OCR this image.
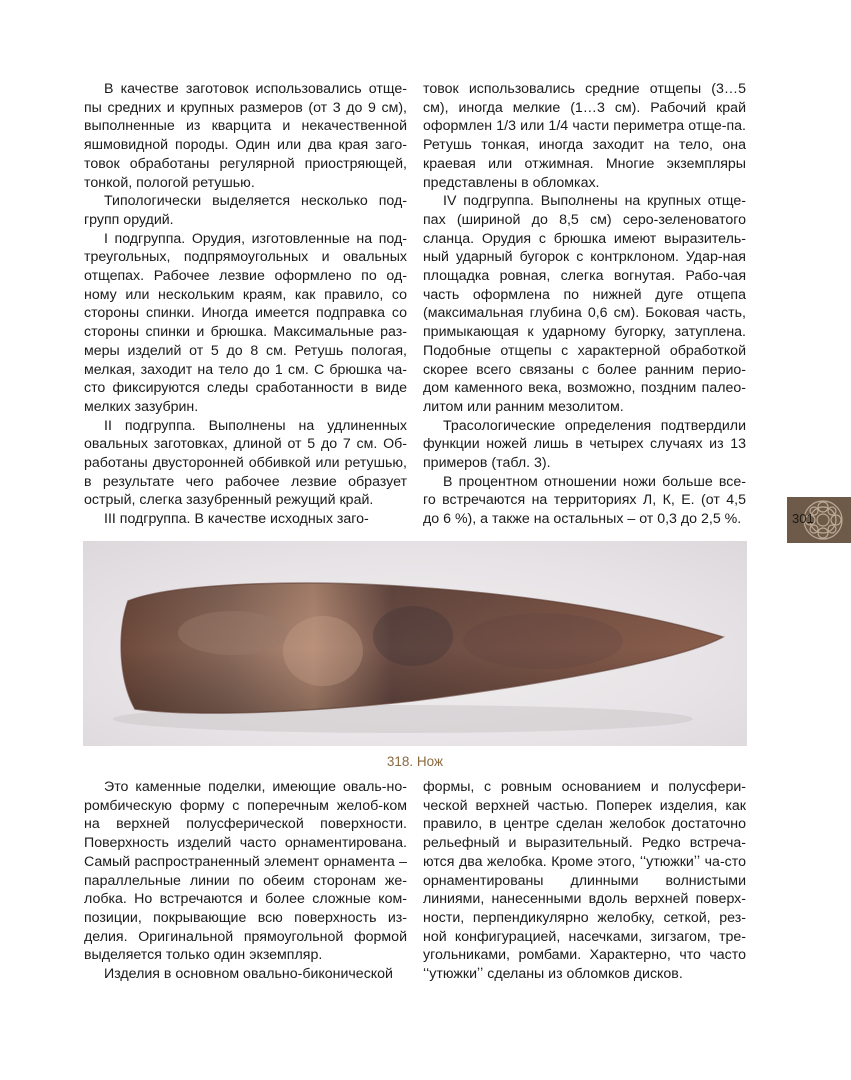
В качестве заготовок использовались отще-пы средних и крупных размеров (от 3 до 9 см), выполненные из кварцита и некачественной яшмовидной породы. Один или два края заго-товок обработаны регулярной приостряющей, тонкой, пологой ретушью.

Типологически выделяется несколько под-групп орудий.

I подгруппа. Орудия, изготовленные на под-треугольных, подпрямоугольных и овальных отщепах. Рабочее лезвие оформлено по од-ному или нескольким краям, как правило, со стороны спинки. Иногда имеется подправка со стороны спинки и брюшка. Максимальные раз-меры изделий от 5 до 8 см. Ретушь пологая, мелкая, заходит на тело до 1 см. С брюшка ча-сто фиксируются следы сработанности в виде мелких зазубрин.

II подгруппа. Выполнены на удлиненных овальных заготовках, длиной от 5 до 7 см. Об-работаны двусторонней оббивкой или ретушью, в результате чего рабочее лезвие образует острый, слегка зазубренный режущий край.

III подгруппа. В качестве исходных заго-

товок использовались средние отщепы (3…5 см), иногда мелкие (1…3 см). Рабочий край оформлен 1/3 или 1/4 части периметра отще-па. Ретушь тонкая, иногда заходит на тело, она краевая или отжимная. Многие экземпляры представлены в обломках.

IV подгруппа. Выполнены на крупных отще-пах (шириной до 8,5 см) серо-зеленоватого сланца. Орудия с брюшка имеют выразитель-ный ударный бугорок с контрклоном. Удар-ная площадка ровная, слегка вогнутая. Рабо-чая часть оформлена по нижней дуге отщепа (максимальная глубина 0,6 см). Боковая часть, примыкающая к ударному бугорку, затуплена. Подобные отщепы с характерной обработкой скорее всего связаны с более ранним перио-дом каменного века, возможно, поздним палео-литом или ранним мезолитом.

Трасологические определения подтвердили функции ножей лишь в четырех случаях из 13 примеров (табл. 3).

В процентном отношении ножи больше все-го встречаются на территориях Л, К, Е. (от 4,5 до 6 %), а также на остальных – от 0,3 до 2,5 %.	301
318. Нож

Это каменные поделки, имеющие оваль-но-ромбическую форму с поперечным желоб-ком на верхней полусферической поверхности. Поверхность изделий часто орнаментирована. Самый распространенный элемент орнамента – параллельные линии по обеим сторонам же-лобка. Но встречаются и более сложные ком-позиции, покрывающие всю поверхность из-делия. Оригинальной прямоугольной формой выделяется только один экземпляр.

Изделия в основном овально-биконической

формы, с ровным основанием и полусфери-ческой верхней частью. Поперек изделия, как правило, в центре сделан желобок достаточно рельефный и выразительный. Редко встреча-ются два желобка. Кроме этого, ʻʻутюжкиʼʼ ча-сто орнаментированы длинными волнистыми линиями, нанесенными вдоль верхней поверх-ности, перпендикулярно желобку, сеткой, рез-ной конфигурацией, насечками, зигзагом, тре-угольниками, ромбами. Характерно, что часто ʻʻутюжкиʼʼ сделаны из обломков дисков.
